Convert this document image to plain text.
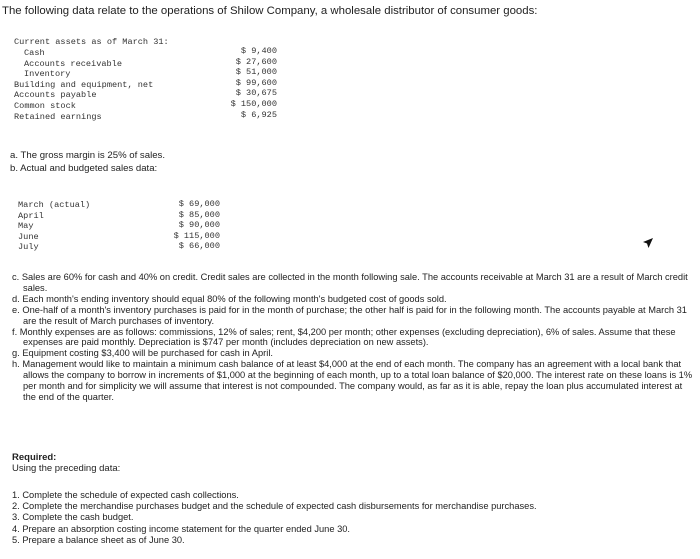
The following data relate to the operations of Shilow Company, a wholesale distributor of consumer goods:
Current assets as of March 31:
Cash
Accounts receivable
Inventory
Building and equipment, net
Accounts payable
Common stock
Retained earnings
$ 9,400
$ 27,600
$ 51,000
$ 99,600
$ 30,675
$ 150,000
$ 6,925
a. The gross margin is 25% of sales.
b. Actual and budgeted sales data:
March (actual)
April
May
June
July
$ 69,000
$ 85,000
$ 90,000
$ 115,000
$ 66,000

c. Sales are 60% for cash and 40% on credit. Credit sales are collected in the month following sale. The accounts receivable at March 31 are a result of March credit sales.

d. Each month's ending inventory should equal 80% of the following month's budgeted cost of goods sold.

e. One-half of a month's inventory purchases is paid for in the month of purchase; the other half is paid for in the following month. The accounts payable at March 31 are the result of March purchases of inventory.

f. Monthly expenses are as follows: commissions, 12% of sales; rent, $4,200 per month; other expenses (excluding depreciation), 6% of sales. Assume that these expenses are paid monthly. Depreciation is $747 per month (includes depreciation on new assets).

g. Equipment costing $3,400 will be purchased for cash in April.

h. Management would like to maintain a minimum cash balance of at least $4,000 at the end of each month. The company has an agreement with a local bank that allows the company to borrow in increments of $1,000 at the beginning of each month, up to a total loan balance of $20,000. The interest rate on these loans is 1% per month and for simplicity we will assume that interest is not compounded. The company would, as far as it is able, repay the loan plus accumulated interest at the end of the quarter.

Required:
Using the preceding data:
1. Complete the schedule of expected cash collections.
2. Complete the merchandise purchases budget and the schedule of expected cash disbursements for merchandise purchases.
3. Complete the cash budget.
4. Prepare an absorption costing income statement for the quarter ended June 30.
5. Prepare a balance sheet as of June 30.
